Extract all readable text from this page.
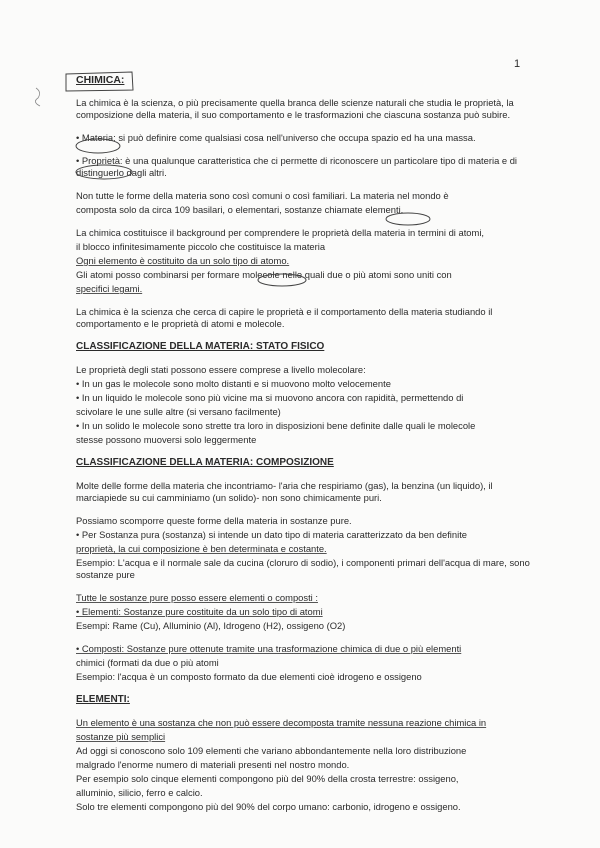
1

CHIMICA:

La chimica è la scienza, o più precisamente quella branca delle scienze naturali che studia le proprietà, la composizione della materia, il suo comportamento e le trasformazioni che ciascuna sostanza può subire.

• Materia: si può definire come qualsiasi cosa nell'universo che occupa spazio ed ha una massa.

• Proprietà: è una qualunque caratteristica che ci permette di riconoscere un particolare tipo di materia e di distinguerlo dagli altri.

Non tutte le forme della materia sono così comuni o così familiari. La materia nel mondo è

composta solo da circa 109 basilari, o elementari, sostanze chiamate elementi.

La chimica costituisce il background per comprendere le proprietà della materia in termini di atomi,

il blocco infinitesimamente piccolo che costituisce la materia

Ogni elemento è costituito da un solo tipo di atomo.

Gli atomi posso combinarsi per formare molecole nelle quali due o più atomi sono uniti con

specifici legami.

La chimica è la scienza che cerca di capire le proprietà e il comportamento della materia studiando il comportamento e le proprietà di atomi e molecole.

CLASSIFICAZIONE DELLA MATERIA: STATO FISICO

Le proprietà degli stati possono essere comprese a livello molecolare:

• In un gas le molecole sono molto distanti e si muovono molto velocemente

• In un liquido le molecole sono più vicine ma si muovono ancora con rapidità, permettendo di

scivolare le une sulle altre (si versano facilmente)

• In un solido le molecole sono strette tra loro in disposizioni bene definite dalle quali le molecole

stesse possono muoversi solo leggermente

CLASSIFICAZIONE DELLA MATERIA: COMPOSIZIONE

Molte delle forme della materia che incontriamo- l'aria che respiriamo (gas), la benzina (un liquido), il marciapiede su cui camminiamo (un solido)- non sono chimicamente puri.

Possiamo scomporre queste forme della materia in sostanze pure.

• Per Sostanza pura (sostanza) si intende un dato tipo di materia caratterizzato da ben definite

proprietà, la cui composizione è ben determinata e costante.

Esempio: L'acqua e il normale sale da cucina (cloruro di sodio), i componenti primari dell'acqua di mare, sono sostanze pure

Tutte le sostanze pure posso essere elementi o composti :

• Elementi: Sostanze pure costituite da un solo tipo di atomi

Esempi: Rame (Cu), Alluminio (Al), Idrogeno (H2), ossigeno (O2)

• Composti: Sostanze pure ottenute tramite una trasformazione chimica di due o più elementi

chimici (formati da due o più atomi

Esempio: l'acqua è un composto formato da due elementi cioè idrogeno e ossigeno

ELEMENTI:

Un elemento è una sostanza che non può essere decomposta tramite nessuna reazione chimica in

sostanze più semplici

Ad oggi si conoscono solo 109 elementi che variano abbondantemente nella loro distribuzione

malgrado l'enorme numero di materiali presenti nel nostro mondo.

Per esempio solo cinque elementi compongono più del 90% della crosta terrestre: ossigeno,

alluminio, silicio, ferro e calcio.

Solo tre elementi compongono più del 90% del corpo umano: carbonio, idrogeno e ossigeno.
